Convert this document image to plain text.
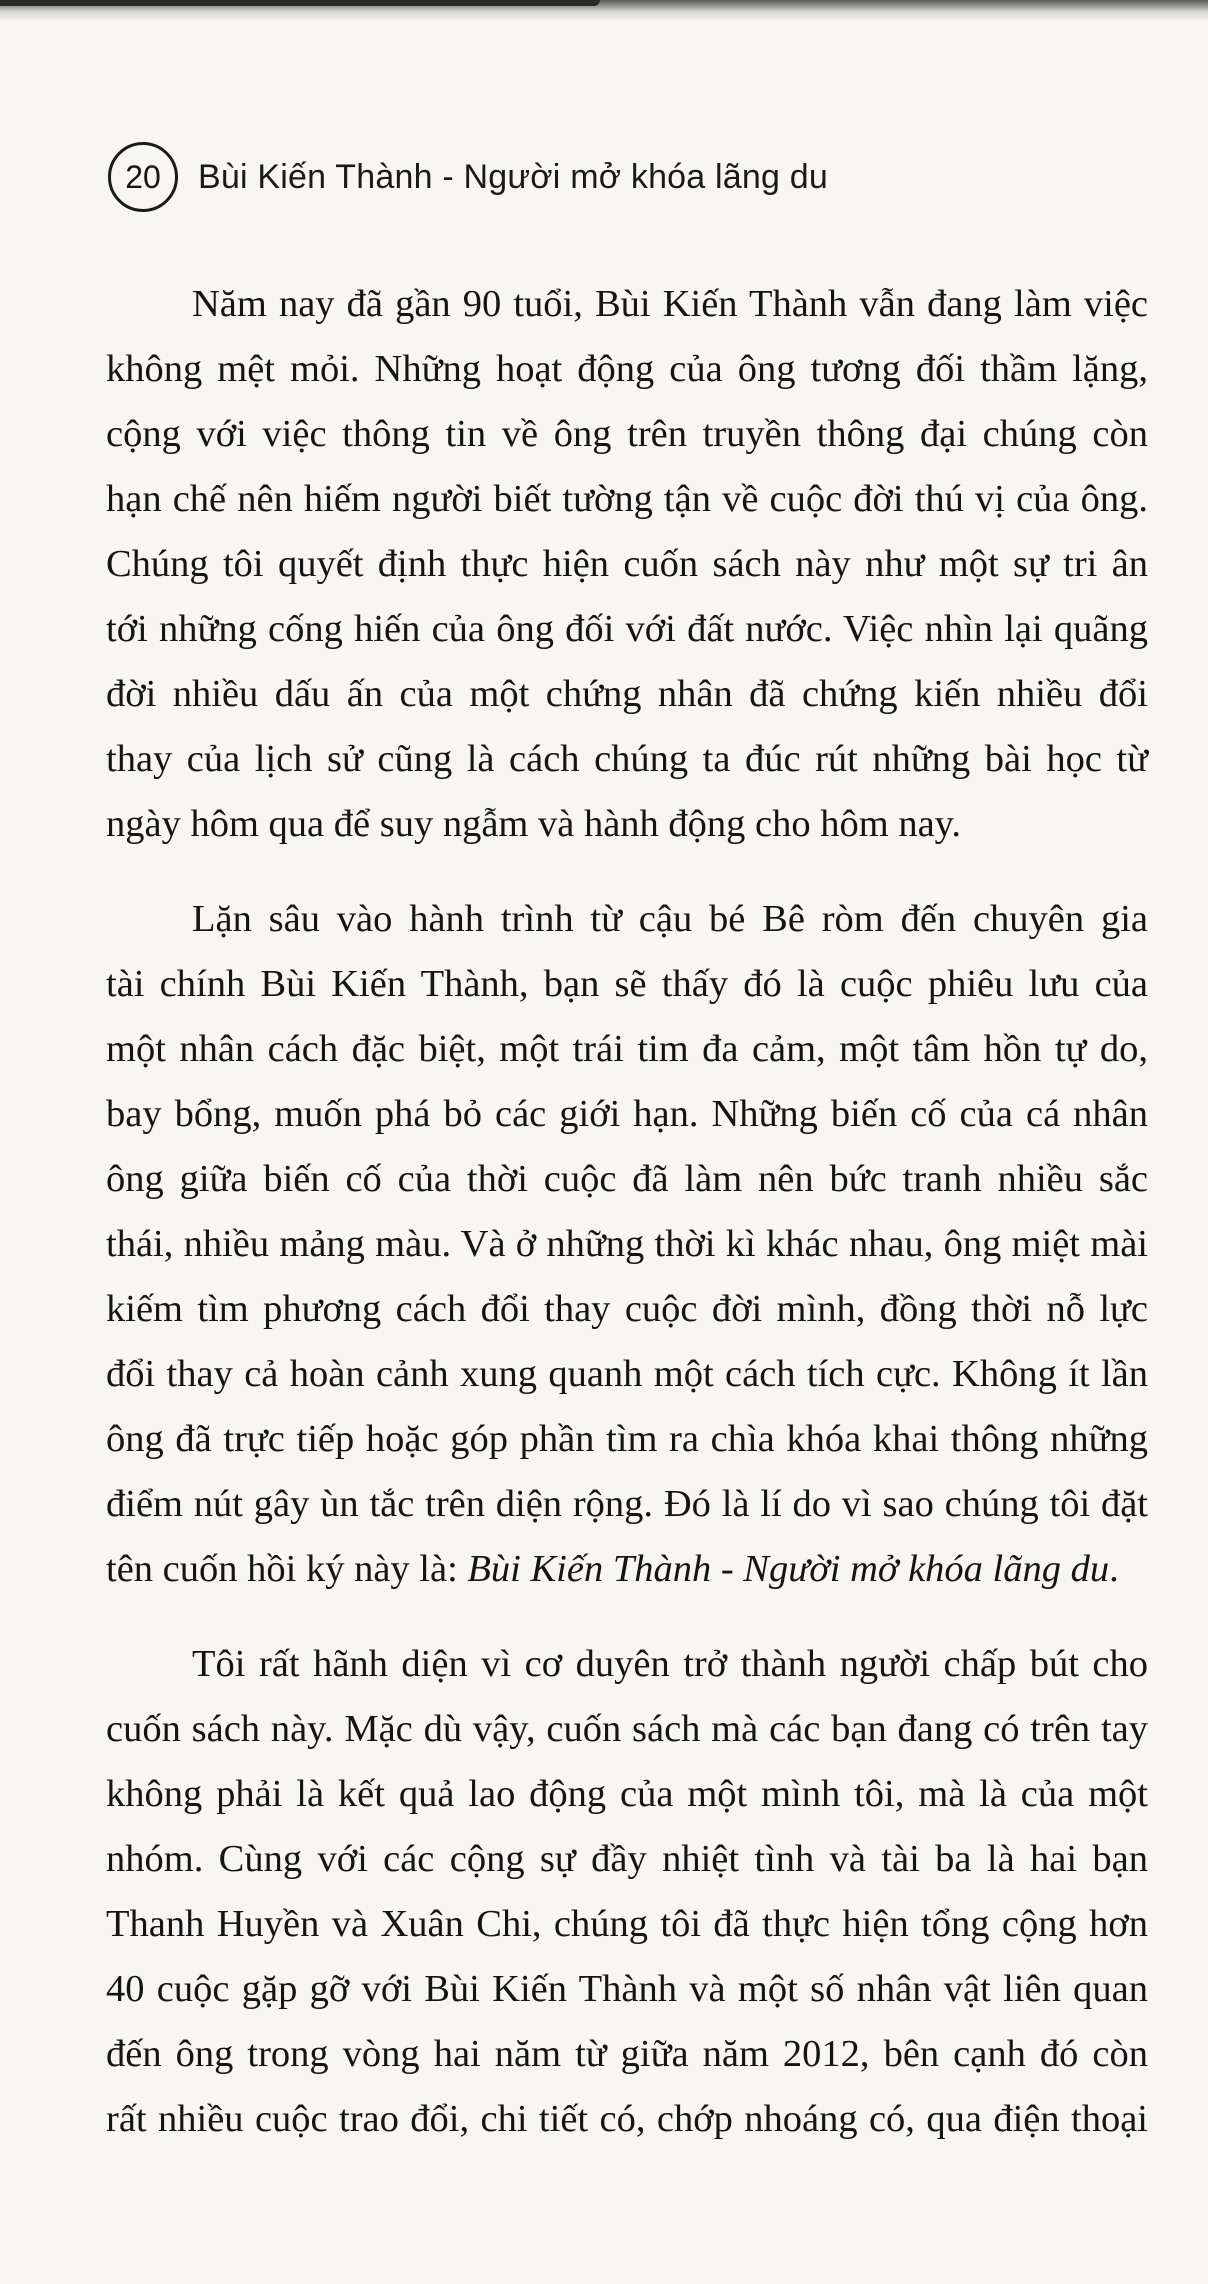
20 Bùi Kiến Thành - Người mở khóa lãng du

Năm nay đã gần 90 tuổi, Bùi Kiến Thành vẫn đang làm việc
không mệt mỏi. Những hoạt động của ông tương đối thầm lặng,
cộng với việc thông tin về ông trên truyền thông đại chúng còn
hạn chế nên hiếm người biết tường tận về cuộc đời thú vị của ông.
Chúng tôi quyết định thực hiện cuốn sách này như một sự tri ân
tới những cống hiến của ông đối với đất nước. Việc nhìn lại quãng
đời nhiều dấu ấn của một chứng nhân đã chứng kiến nhiều đổi
thay của lịch sử cũng là cách chúng ta đúc rút những bài học từ
ngày hôm qua để suy ngẫm và hành động cho hôm nay.

Lặn sâu vào hành trình từ cậu bé Bê ròm đến chuyên gia
tài chính Bùi Kiến Thành, bạn sẽ thấy đó là cuộc phiêu lưu của
một nhân cách đặc biệt, một trái tim đa cảm, một tâm hồn tự do,
bay bổng, muốn phá bỏ các giới hạn. Những biến cố của cá nhân
ông giữa biến cố của thời cuộc đã làm nên bức tranh nhiều sắc
thái, nhiều mảng màu. Và ở những thời kì khác nhau, ông miệt mài
kiếm tìm phương cách đổi thay cuộc đời mình, đồng thời nỗ lực
đổi thay cả hoàn cảnh xung quanh một cách tích cực. Không ít lần
ông đã trực tiếp hoặc góp phần tìm ra chìa khóa khai thông những
điểm nút gây ùn tắc trên diện rộng. Đó là lí do vì sao chúng tôi đặt
tên cuốn hồi ký này là: Bùi Kiến Thành - Người mở khóa lãng du.

Tôi rất hãnh diện vì cơ duyên trở thành người chấp bút cho
cuốn sách này. Mặc dù vậy, cuốn sách mà các bạn đang có trên tay
không phải là kết quả lao động của một mình tôi, mà là của một
nhóm. Cùng với các cộng sự đầy nhiệt tình và tài ba là hai bạn
Thanh Huyền và Xuân Chi, chúng tôi đã thực hiện tổng cộng hơn
40 cuộc gặp gỡ với Bùi Kiến Thành và một số nhân vật liên quan
đến ông trong vòng hai năm từ giữa năm 2012, bên cạnh đó còn
rất nhiều cuộc trao đổi, chi tiết có, chớp nhoáng có, qua điện thoại
